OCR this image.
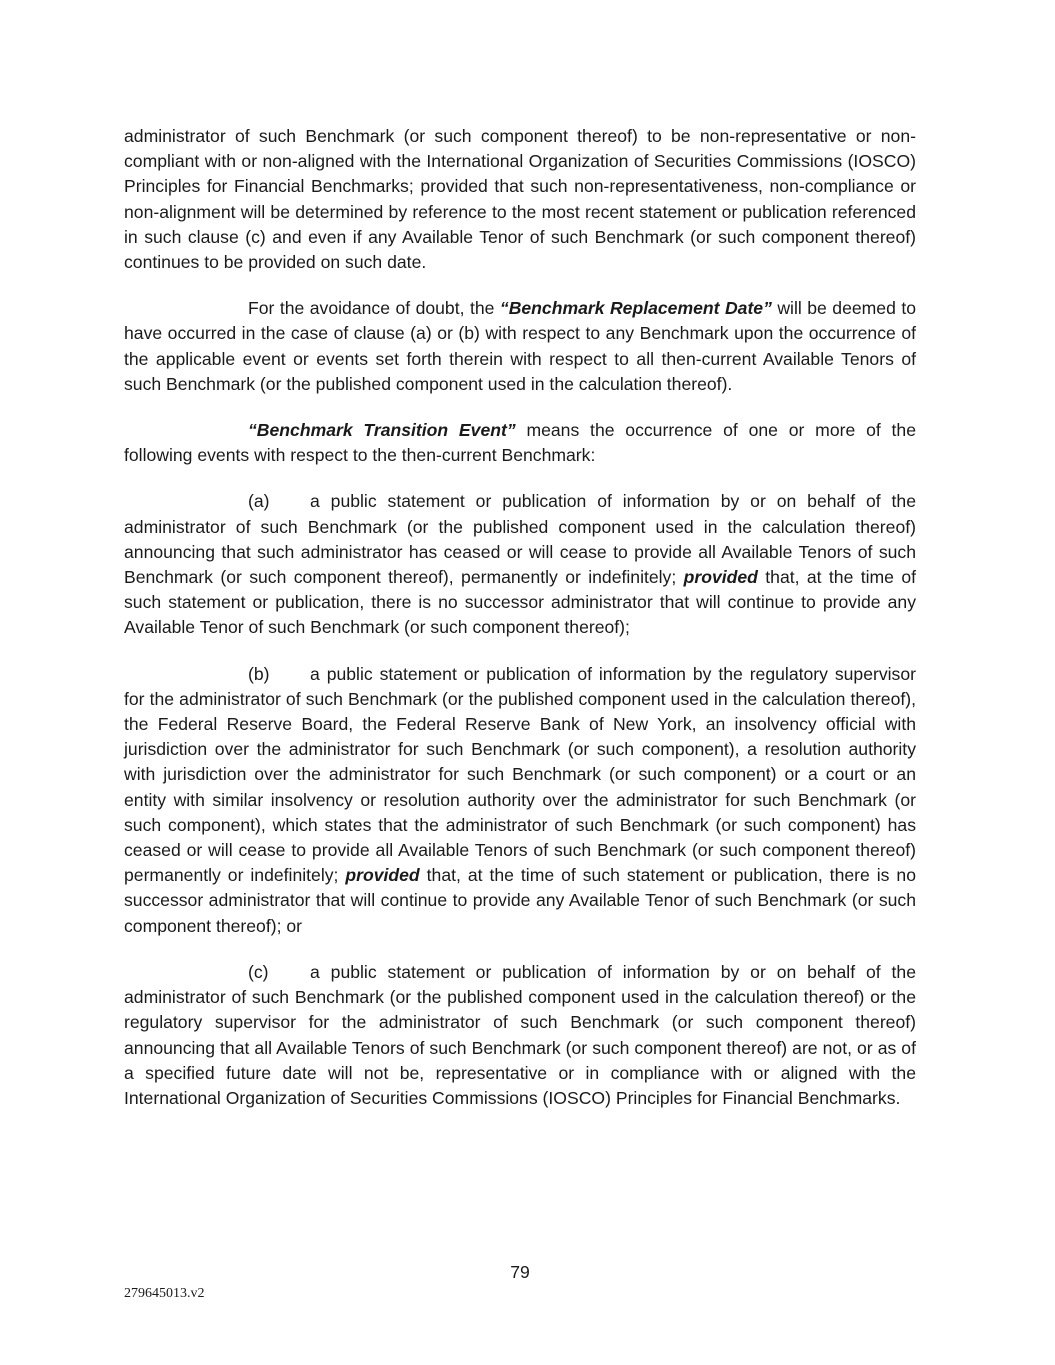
administrator of such Benchmark (or such component thereof) to be non-representative or non-compliant with or non-aligned with the International Organization of Securities Commissions (IOSCO) Principles for Financial Benchmarks; provided that such non-representativeness, non-compliance or non-alignment will be determined by reference to the most recent statement or publication referenced in such clause (c) and even if any Available Tenor of such Benchmark (or such component thereof) continues to be provided on such date.

For the avoidance of doubt, the “Benchmark Replacement Date” will be deemed to have occurred in the case of clause (a) or (b) with respect to any Benchmark upon the occurrence of the applicable event or events set forth therein with respect to all then-current Available Tenors of such Benchmark (or the published component used in the calculation thereof).

“Benchmark Transition Event” means the occurrence of one or more of the following events with respect to the then-current Benchmark:

(a) a public statement or publication of information by or on behalf of the administrator of such Benchmark (or the published component used in the calculation thereof) announcing that such administrator has ceased or will cease to provide all Available Tenors of such Benchmark (or such component thereof), permanently or indefinitely; provided that, at the time of such statement or publication, there is no successor administrator that will continue to provide any Available Tenor of such Benchmark (or such component thereof);

(b) a public statement or publication of information by the regulatory supervisor for the administrator of such Benchmark (or the published component used in the calculation thereof), the Federal Reserve Board, the Federal Reserve Bank of New York, an insolvency official with jurisdiction over the administrator for such Benchmark (or such component), a resolution authority with jurisdiction over the administrator for such Benchmark (or such component) or a court or an entity with similar insolvency or resolution authority over the administrator for such Benchmark (or such component), which states that the administrator of such Benchmark (or such component) has ceased or will cease to provide all Available Tenors of such Benchmark (or such component thereof) permanently or indefinitely; provided that, at the time of such statement or publication, there is no successor administrator that will continue to provide any Available Tenor of such Benchmark (or such component thereof); or

(c) a public statement or publication of information by or on behalf of the administrator of such Benchmark (or the published component used in the calculation thereof) or the regulatory supervisor for the administrator of such Benchmark (or such component thereof) announcing that all Available Tenors of such Benchmark (or such component thereof) are not, or as of a specified future date will not be, representative or in compliance with or aligned with the International Organization of Securities Commissions (IOSCO) Principles for Financial Benchmarks.

79
279645013.v2
